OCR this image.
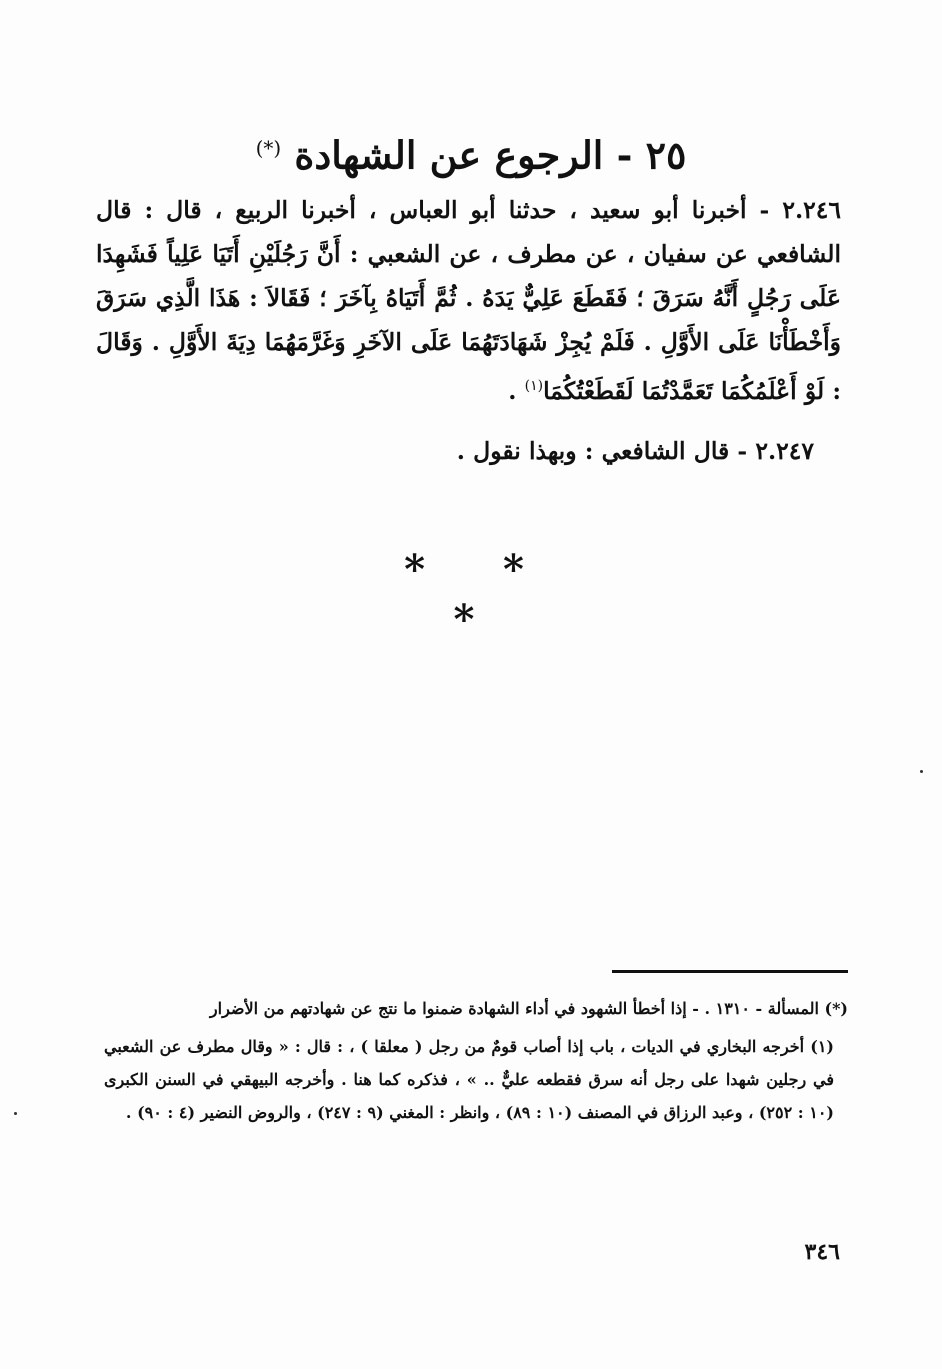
٢٥ - الرجوع عن الشهادة (*)

٢.٢٤٦ - أخبرنا أبو سعيد ، حدثنا أبو العباس ، أخبرنا الربيع ، قال : قال الشافعي عن سفيان ، عن مطرف ، عن الشعبي : أَنَّ رَجُلَيْنِ أَتَيَا عَلِياً فَشَهِدَا عَلَى رَجُلٍ أَنَّهُ سَرَقَ ؛ فَقَطَعَ عَلِيٌّ يَدَهُ . ثُمَّ أَتَيَاهُ بِآخَرَ ؛ فَقَالاَ : هَذَا الَّذِي سَرَقَ وَأَخْطَأْنَا عَلَى الأَوَّلِ . فَلَمْ يُجِزْ شَهَادَتَهُمَا عَلَى الآخَرِ وَغَرَّمَهُمَا دِيَةَ الأَوَّلِ . وَقَالَ : لَوْ أَعْلَمُكُمَا تَعَمَّدْتُمَا لَقَطَعْتُكُمَا$^{(١)}$ .

٢.٢٤٧ - قال الشافعي : وبهذا نقول .
* * *

(*) المسألة - ١٣١٠ . - إذا أخطأ الشهود في أداء الشهادة ضمنوا ما نتج عن شهادتهم من الأضرار

(١) أخرجه البخاري في الديات ، باب إذا أصاب قومٌ من رجل ( معلقا ) ، : قال : « وقال مطرف عن الشعبي في رجلين شهدا على رجل أنه سرق فقطعه عليٌّ .. » ، فذكره كما هنا . وأخرجه البيهقي في السنن الكبرى (١٠ : ٢٥٢) ، وعبد الرزاق في المصنف (١٠ : ٨٩) ، وانظر : المغني (٩ : ٢٤٧) ، والروض النضير (٤ : ٩٠) .

٣٤٦
